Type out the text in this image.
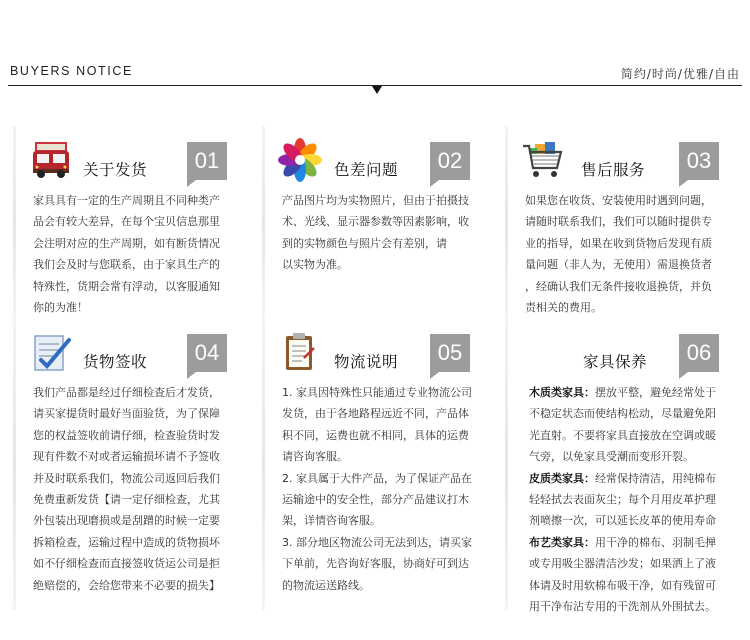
BUYERS NOTICE	简约/时尚/优雅/自由
关于发货	01

家具具有一定的生产周期且不同种类产

品会有较大差异，在每个宝贝信息那里

会注明对应的生产周期，如有断货情况

我们会及时与您联系，由于家具生产的

特殊性，货期会常有浮动，以客服通知

你的为准！

色差问题	02

产品图片均为实物照片，但由于拍摄技

术、光线、显示器参数等因素影响，收

到的实物颜色与照片会有差别，请

以实物为准。

售后服务	03

如果您在收货、安装使用时遇到问题，

请随时联系我们，我们可以随时提供专

业的指导，如果在收到货物后发现有质

量问题（非人为，无使用）需退换货者

，经确认我们无条件接收退换货，并负

责相关的费用。

货物签收	04

我们产品都是经过仔细检查后才发货，

请买家提货时最好当面验货，为了保障

您的权益签收前请仔细，检查验货时发

现有件数不对或者运输损坏请不予签收

并及时联系我们，物流公司返回后我们

免费重新发货【请一定仔细检查，尤其

外包装出现磨损或是刮蹭的时候一定要

拆箱检查，运输过程中造成的货物损坏

如不仔细检查而直接签收货运公司是拒

绝赔偿的，会给您带来不必要的损失】

物流说明	05

1. 家具因特殊性只能通过专业物流公司

发货，由于各地路程远近不同，产品体

积不同，运费也就不相同，具体的运费

请咨询客服。

2. 家具属于大件产品，为了保证产品在

运输途中的安全性，部分产品建议打木

架，详情咨询客服。

3. 部分地区物流公司无法到达，请买家

下单前，先咨询好客服，协商好可到达

的物流运送路线。

家具保养	06

木质类家具：摆放平整，避免经常处于

不稳定状态而使结构松动，尽量避免阳

光直射。不要将家具直接放在空调或暖

气旁，以免家具受潮而变形开裂。

皮质类家具：经常保持清洁，用纯棉布

轻轻拭去表面灰尘；每个月用皮革护理

剂喷擦一次，可以延长皮革的使用寿命

布艺类家具：用干净的棉布、羽制毛掸

或专用吸尘器清洁沙发；如果洒上了液

体请及时用软棉布吸干净，如有残留可

用干净布沾专用的干洗剂从外围拭去。
